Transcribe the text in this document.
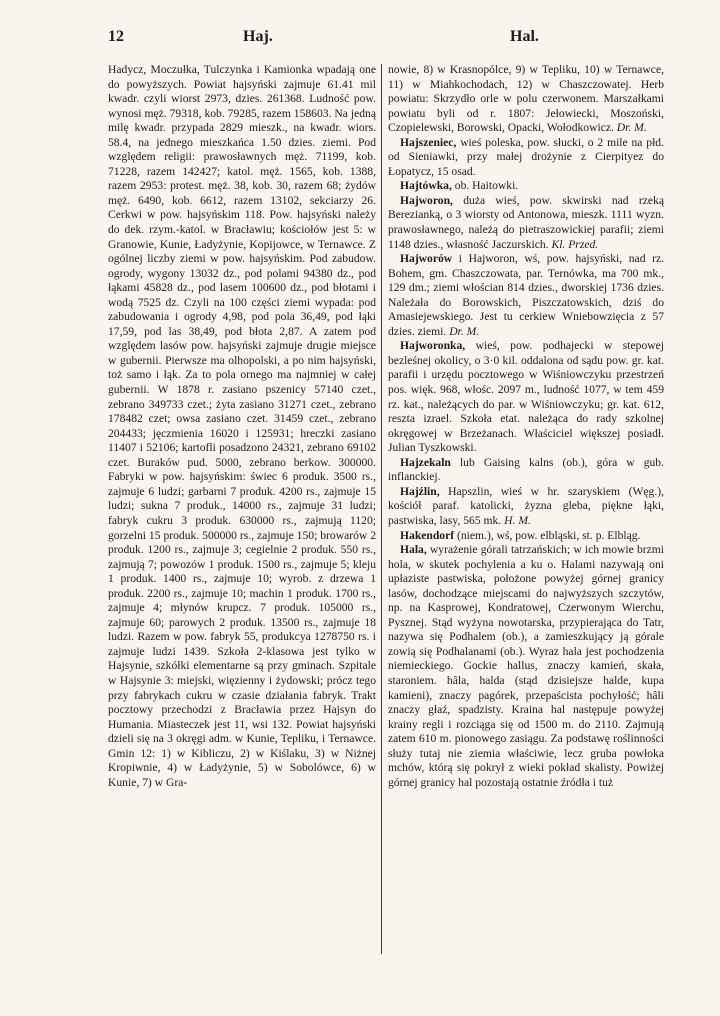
12	Haj.	Hal.

Hadycz, Moczułka, Tulczynka i Kamionka wpadają one do powyższych. Powiat hajsyński zajmuje 61.41 mil kwadr. czyli wiorst 2973, dzies. 261368. Ludność pow. wynosi męż. 79318, kob. 79285, razem 158603. Na jedną milę kwadr. przypada 2829 mieszk., na kwadr. wiors. 58.4, na jednego mieszkańca 1.50 dzies. ziemi. Pod względem religii: prawosławnych męż. 71199, kob. 71228, razem 142427; katol. męż. 1565, kob. 1388, razem 2953: protest. męż. 38, kob. 30, razem 68; żydów męż. 6490, kob. 6612, razem 13102, sekciarzy 26. Cerkwi w pow. hajsyńskim 118. Pow. hajsyński należy do dek. rzym.-katol. w Bracławiu; kościołów jest 5: w Granowie, Kunie, Ładyżynie, Kopijowce, w Ternawce. Z ogólnej liczby ziemi w pow. hajsyńskim. Pod zabudow. ogrody, wygony 13032 dz., pod polami 94380 dz., pod łąkami 45828 dz., pod lasem 100600 dz., pod błotami i wodą 7525 dz. Czyli na 100 części ziemi wypada: pod zabudowania i ogrody 4,98, pod pola 36,49, pod łąki 17,59, pod las 38,49, pod błota 2,87. A zatem pod względem lasów pow. hajsyński zajmuje drugie miejsce w gubernii. Pierwsze ma olhopolski, a po nim hajsyński, toż samo i łąk. Za to pola ornego ma najmniej w całej gubernii. W 1878 r. zasiano pszenicy 57140 czet., zebrano 349733 czet.; żyta zasiano 31271 czet., zebrano 178482 czet; owsa zasiano czet. 31459 czet., zebrano 204433; jęczmienia 16020 i 125931; hreczki zasiano 11407 i 52106; kartofli posadzono 24321, zebrano 69102 czet. Buraków pud. 5000, zebrano berkow. 300000. Fabryki w pow. hajsyńskim: świec 6 produk. 3500 rs., zajmuje 6 ludzi; garbarni 7 produk. 4200 rs., zajmuje 15 ludzi; sukna 7 produk., 14000 rs., zajmuje 31 ludzi; fabryk cukru 3 produk. 630000 rs., zajmują 1120; gorzelni 15 produk. 500000 rs., zajmuje 150; browarów 2 produk. 1200 rs., zajmuje 3; cegielnie 2 produk. 550 rs., zajmują 7; powozów 1 produk. 1500 rs., zajmuje 5; kleju 1 produk. 1400 rs., zajmuje 10; wyrob. z drzewa 1 produk. 2200 rs., zajmuje 10; machin 1 produk. 1700 rs., zajmuje 4; młynów krupcz. 7 produk. 105000 rs., zajmuje 60; parowych 2 produk. 13500 rs., zajmuje 18 ludzi. Razem w pow. fabryk 55, produkcya 1278750 rs. i zajmuje ludzi 1439. Szkoła 2-klasowa jest tylko w Hajsynie, szkółki elementarne są przy gminach. Szpitale w Hajsynie 3: miejski, więzienny i żydowski; prócz tego przy fabrykach cukru w czasie działania fabryk. Trakt pocztowy przechodzi z Bracławia przez Hajsyn do Humania. Miasteczek jest 11, wsi 132. Powiat hajsyński dzieli się na 3 okręgi adm. w Kunie, Tepliku, i Ternawce. Gmin 12: 1) w Kibliczu, 2) w Kiślaku, 3) w Niżnej Kropiwnie, 4) w Ładyżynie, 5) w Sobolówce, 6) w Kunie, 7) w Gra-

nowie, 8) w Krasnopólce, 9) w Tepliku, 10) w Ternawce, 11) w Miahkochodach, 12) w Chaszczowatej. Herb powiatu: Skrzydło orle w polu czerwonem. Marszałkami powiatu byli od r. 1807: Jełowiecki, Moszoński, Czopielewski, Borowski, Opacki, Wołodkowicz. Dr. M.

Hajszeniec, wieś poleska, pow. słucki, o 2 mile na płd. od Sieniawki, przy małej drożynie z Cierpityez do Łopatycz, 15 osad.

Hajtówka, ob. Haitowki.

Hajworon, duża wieś, pow. skwirski nad rzeką Berezianką, o 3 wiorsty od Antonowa, mieszk. 1111 wyzn. prawosławnego, należą do pietraszowickiej parafii; ziemi 1148 dzies., własność Jaczurskich. Kl. Przed.

Hajworów i Hajworon, wś, pow. hajsyński, nad rz. Bohem, gm. Chaszczowata, par. Ternówka, ma 700 mk., 129 dm.; ziemi włościan 814 dzies., dworskiej 1736 dzies. Należała do Borowskich, Piszczatowskich, dziś do Amasiejewskiego. Jest tu cerkiew Wniebowzięcia z 57 dzies. ziemi. Dr. M.

Hajworonka, wieś, pow. podhajecki w stepowej bezleśnej okolicy, o 3·0 kil. oddalona od sądu pow. gr. kat. parafii i urzędu pocztowego w Wiśniowczyku przestrzeń pos. więk. 968, włośc. 2097 m., ludność 1077, w tem 459 rz. kat., należących do par. w Wiśniowczyku; gr. kat. 612, reszta izrael. Szkoła etat. należąca do rady szkolnej okręgowej w Brzeżanach. Właściciel większej posiadł. Julian Tyszkowski.

Hajzekaln lub Gaising kalns (ob.), góra w gub. inflanckiej.

Hajźlin, Hapszlin, wieś w hr. szaryskiem (Węg.), kościół paraf. katolicki, żyzna gleba, piękne łąki, pastwiska, lasy, 565 mk. H. M.

Hakendorf (niem.), wś, pow. elbląski, st. p. Elbląg.

Hala, wyrażenie górali tatrzańskich; w ich mowie brzmi hola, w skutek pochylenia a ku o. Halami nazywają oni upłaziste pastwiska, położone powyżej górnej granicy lasów, dochodzące miejscami do najwyższych szczytów, np. na Kasprowej, Kondratowej, Czerwonym Wierchu, Pysznej. Stąd wyżyna nowotarska, przypierająca do Tatr, nazywa się Podhalem (ob.), a zamieszkujący ją górale zowią się Podhalanami (ob.). Wyraz hala jest pochodzenia niemieckiego. Gockie hallus, znaczy kamień, skała, staroniem. hâla, halda (stąd dzisiejsze halde, kupa kamieni), znaczy pagórek, przepaścista pochyłość; hâli znaczy głaź, spadzisty. Kraina hal następuje powyżej krainy regli i rozciąga się od 1500 m. do 2110. Zajmują zatem 610 m. pionowego zasiągu. Za podstawę roślinności służy tutaj nie ziemia właściwie, lecz gruba powłoka mchów, którą się pokrył z wieki pokład skalisty. Powiżej górnej granicy hal pozostają ostatnie źródła i tuż
